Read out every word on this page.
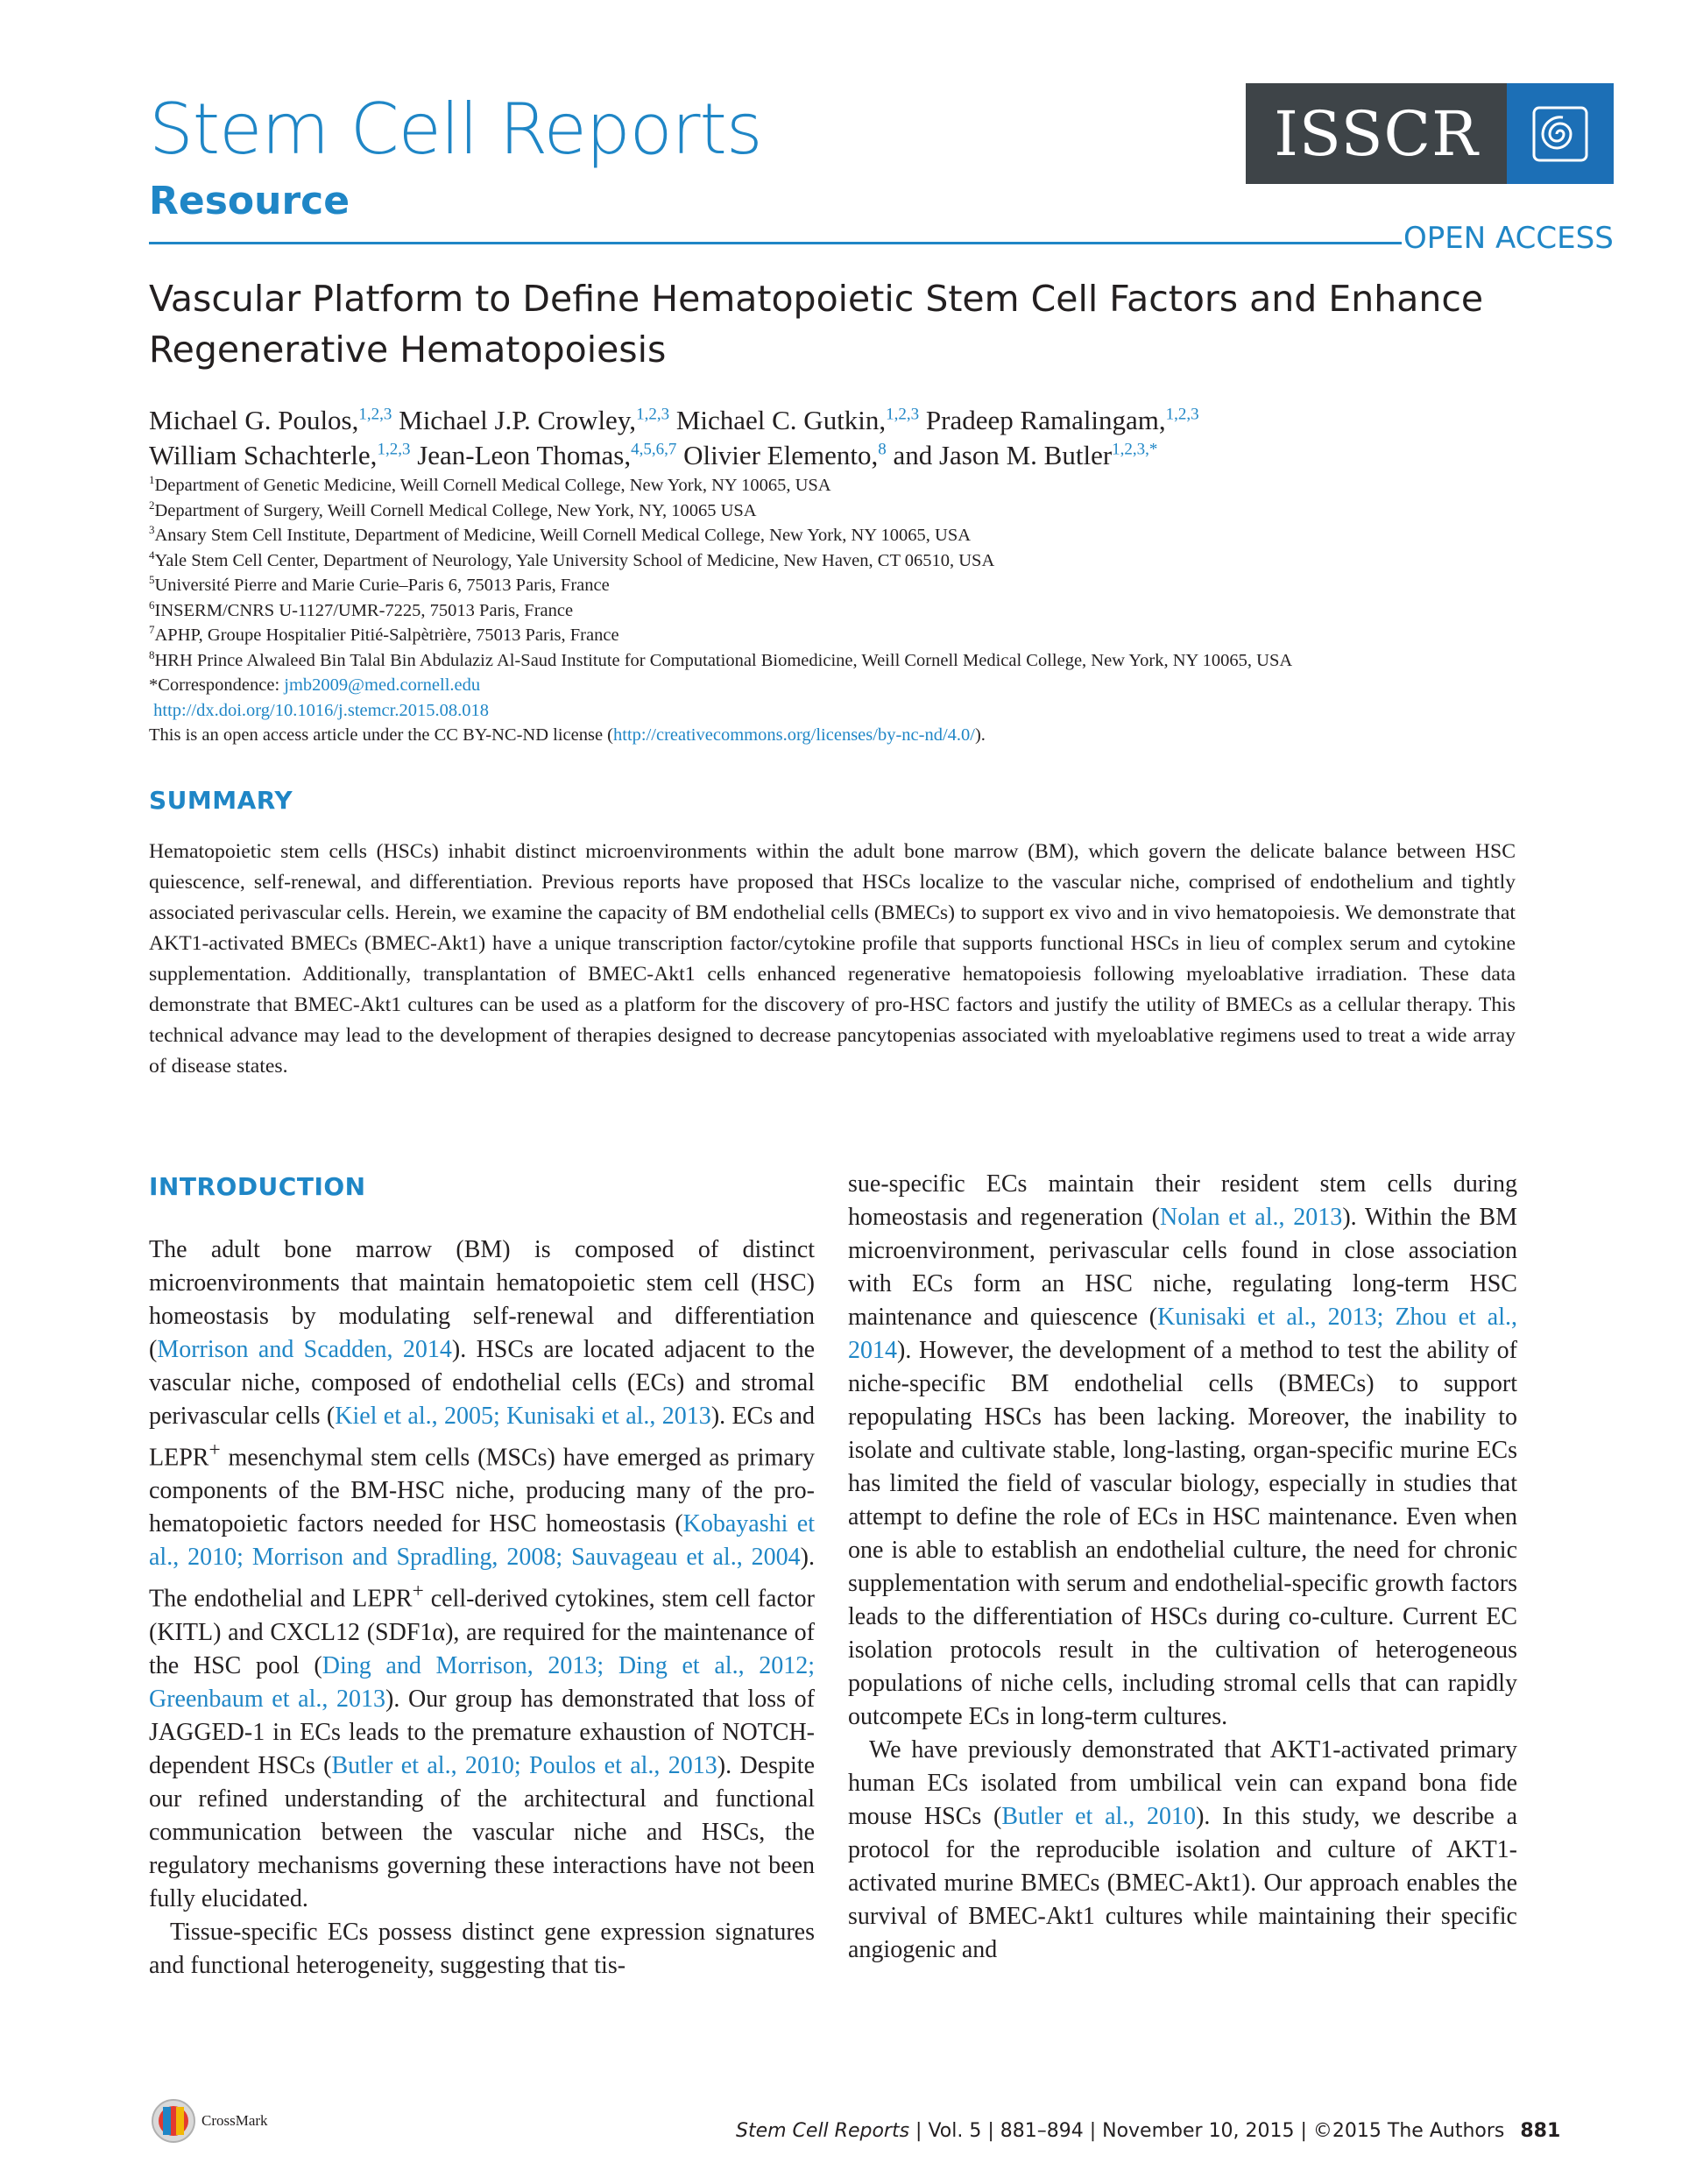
Stem Cell Reports
Resource
ISSCR
OPEN ACCESS
Vascular Platform to Define Hematopoietic Stem Cell Factors and Enhance
Regenerative Hematopoiesis
Michael G. Poulos,$^{1,2,3}$ Michael J.P. Crowley,$^{1,2,3}$ Michael C. Gutkin,$^{1,2,3}$ Pradeep Ramalingam,$^{1,2,3}$
William Schachterle,$^{1,2,3}$ Jean-Leon Thomas,$^{4,5,6,7}$ Olivier Elemento,$^8$ and Jason M. Butler$^{1,2,3,*}$
$^1$Department of Genetic Medicine, Weill Cornell Medical College, New York, NY 10065, USA
$^2$Department of Surgery, Weill Cornell Medical College, New York, NY, 10065 USA
$^3$Ansary Stem Cell Institute, Department of Medicine, Weill Cornell Medical College, New York, NY 10065, USA
$^4$Yale Stem Cell Center, Department of Neurology, Yale University School of Medicine, New Haven, CT 06510, USA
$^5$Université Pierre and Marie Curie–Paris 6, 75013 Paris, France
$^6$INSERM/CNRS U-1127/UMR-7225, 75013 Paris, France
$^7$APHP, Groupe Hospitalier Pitié-Salpètrière, 75013 Paris, France
$^8$HRH Prince Alwaleed Bin Talal Bin Abdulaziz Al-Saud Institute for Computational Biomedicine, Weill Cornell Medical College, New York, NY 10065, USA
*Correspondence: jmb2009@med.cornell.edu
http://dx.doi.org/10.1016/j.stemcr.2015.08.018
This is an open access article under the CC BY-NC-ND license (http://creativecommons.org/licenses/by-nc-nd/4.0/).
SUMMARY
Hematopoietic stem cells (HSCs) inhabit distinct microenvironments within the adult bone marrow (BM), which govern the delicate balance between HSC quiescence, self-renewal, and differentiation. Previous reports have proposed that HSCs localize to the vascular niche, comprised of endothelium and tightly associated perivascular cells. Herein, we examine the capacity of BM endothelial cells (BMECs) to support ex vivo and in vivo hematopoiesis. We demonstrate that AKT1-activated BMECs (BMEC-Akt1) have a unique transcription factor/cytokine profile that supports functional HSCs in lieu of complex serum and cytokine supplementation. Additionally, transplantation of BMEC-Akt1 cells enhanced regenerative hematopoiesis following myeloablative irradiation. These data demonstrate that BMEC-Akt1 cultures can be used as a platform for the discovery of pro-HSC factors and justify the utility of BMECs as a cellular therapy. This technical advance may lead to the development of therapies designed to decrease pancytopenias associated with myeloablative regimens used to treat a wide array of disease states.
INTRODUCTION

The adult bone marrow (BM) is composed of distinct microenvironments that maintain hematopoietic stem cell (HSC) homeostasis by modulating self-renewal and differentiation (Morrison and Scadden, 2014). HSCs are located adjacent to the vascular niche, composed of endothelial cells (ECs) and stromal perivascular cells (Kiel et al., 2005; Kunisaki et al., 2013). ECs and LEPR+ mesenchymal stem cells (MSCs) have emerged as primary components of the BM-HSC niche, producing many of the pro-hematopoietic factors needed for HSC homeostasis (Kobayashi et al., 2010; Morrison and Spradling, 2008; Sauvageau et al., 2004). The endothelial and LEPR+ cell-derived cytokines, stem cell factor (KITL) and CXCL12 (SDF1α), are required for the maintenance of the HSC pool (Ding and Morrison, 2013; Ding et al., 2012; Greenbaum et al., 2013). Our group has demonstrated that loss of JAGGED-1 in ECs leads to the premature exhaustion of NOTCH-dependent HSCs (Butler et al., 2010; Poulos et al., 2013). Despite our refined understanding of the architectural and functional communication between the vascular niche and HSCs, the regulatory mechanisms governing these interactions have not been fully elucidated.

Tissue-specific ECs possess distinct gene expression signatures and functional heterogeneity, suggesting that tis-

sue-specific ECs maintain their resident stem cells during homeostasis and regeneration (Nolan et al., 2013). Within the BM microenvironment, perivascular cells found in close association with ECs form an HSC niche, regulating long-term HSC maintenance and quiescence (Kunisaki et al., 2013; Zhou et al., 2014). However, the development of a method to test the ability of niche-specific BM endothelial cells (BMECs) to support repopulating HSCs has been lacking. Moreover, the inability to isolate and cultivate stable, long-lasting, organ-specific murine ECs has limited the field of vascular biology, especially in studies that attempt to define the role of ECs in HSC maintenance. Even when one is able to establish an endothelial culture, the need for chronic supplementation with serum and endothelial-specific growth factors leads to the differentiation of HSCs during co-culture. Current EC isolation protocols result in the cultivation of heterogeneous populations of niche cells, including stromal cells that can rapidly outcompete ECs in long-term cultures.

We have previously demonstrated that AKT1-activated primary human ECs isolated from umbilical vein can expand bona fide mouse HSCs (Butler et al., 2010). In this study, we describe a protocol for the reproducible isolation and culture of AKT1-activated murine BMECs (BMEC-Akt1). Our approach enables the survival of BMEC-Akt1 cultures while maintaining their specific angiogenic and

CrossMark	Stem Cell Reports | Vol. 5 | 881–894 | November 10, 2015 | ©2015 The Authors 881
